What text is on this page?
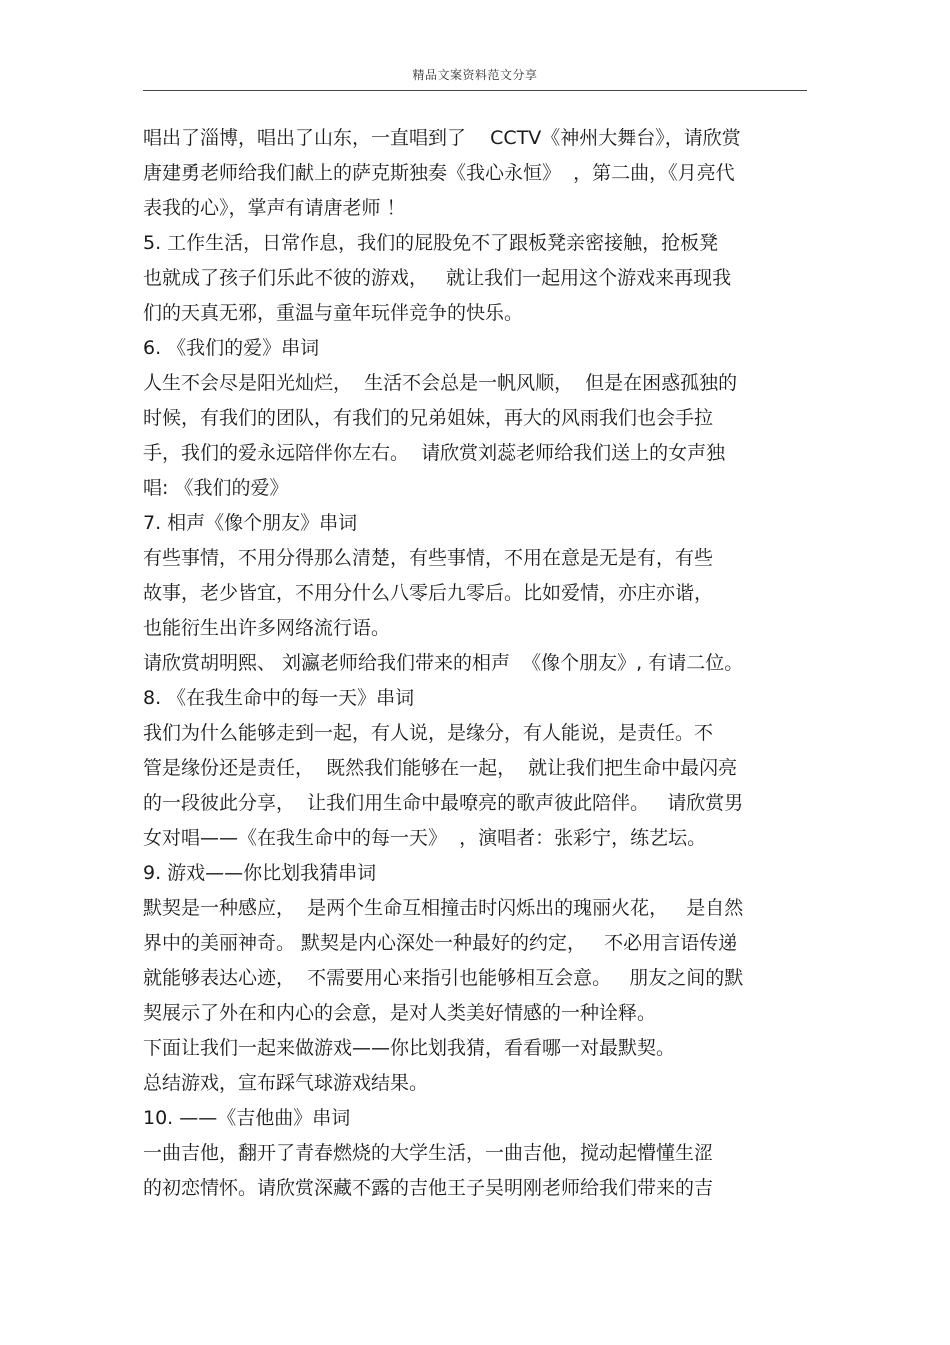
精品文案资料范文分享
唱出了淄博，唱出了山东，一直唱到了    CCTV《神州大舞台》，请欣赏
唐建勇老师给我们献上的萨克斯独奏《我心永恒》  ，第二曲，《月亮代
表我的心》，掌声有请唐老师 ！
5. 工作生活，日常作息，我们的屁股免不了跟板凳亲密接触，抢板凳
也就成了孩子们乐此不彼的游戏，   就让我们一起用这个游戏来再现我
们的天真无邪，重温与童年玩伴竞争的快乐。
6. 《我们的爱》串词
人生不会尽是阳光灿烂，  生活不会总是一帆风顺，  但是在困惑孤独的
时候，有我们的团队，有我们的兄弟姐妹，再大的风雨我们也会手拉
手，我们的爱永远陪伴你左右。  请欣赏刘蕊老师给我们送上的女声独
唱: 《我们的爱》
7. 相声《像个朋友》串词
有些事情，不用分得那么清楚，有些事情，不用在意是无是有，有些
故事，老少皆宜，不用分什么八零后九零后。比如爱情，亦庄亦谐，
也能衍生出许多网络流行语。
请欣赏胡明熙、 刘瀛老师给我们带来的相声  《像个朋友》, 有请二位。
8. 《在我生命中的每一天》串词
我们为什么能够走到一起，有人说，是缘分，有人能说，是责任。不
管是缘份还是责任，  既然我们能够在一起，  就让我们把生命中最闪亮
的一段彼此分享，  让我们用生命中最嘹亮的歌声彼此陪伴。   请欣赏男
女对唱——《在我生命中的每一天》  ，演唱者：张彩宁，练艺坛。
9. 游戏——你比划我猜串词
默契是一种感应，  是两个生命互相撞击时闪烁出的瑰丽火花，   是自然
界中的美丽神奇。 默契是内心深处一种最好的约定，   不必用言语传递
就能够表达心迹，  不需要用心来指引也能够相互会意。   朋友之间的默
契展示了外在和内心的会意，是对人类美好情感的一种诠释。
下面让我们一起来做游戏——你比划我猜，看看哪一对最默契。
总结游戏，宣布踩气球游戏结果。
10. ——《吉他曲》串词
一曲吉他，翻开了青春燃烧的大学生活，一曲吉他，搅动起懵懂生涩
的初恋情怀。请欣赏深藏不露的吉他王子吴明刚老师给我们带来的吉
